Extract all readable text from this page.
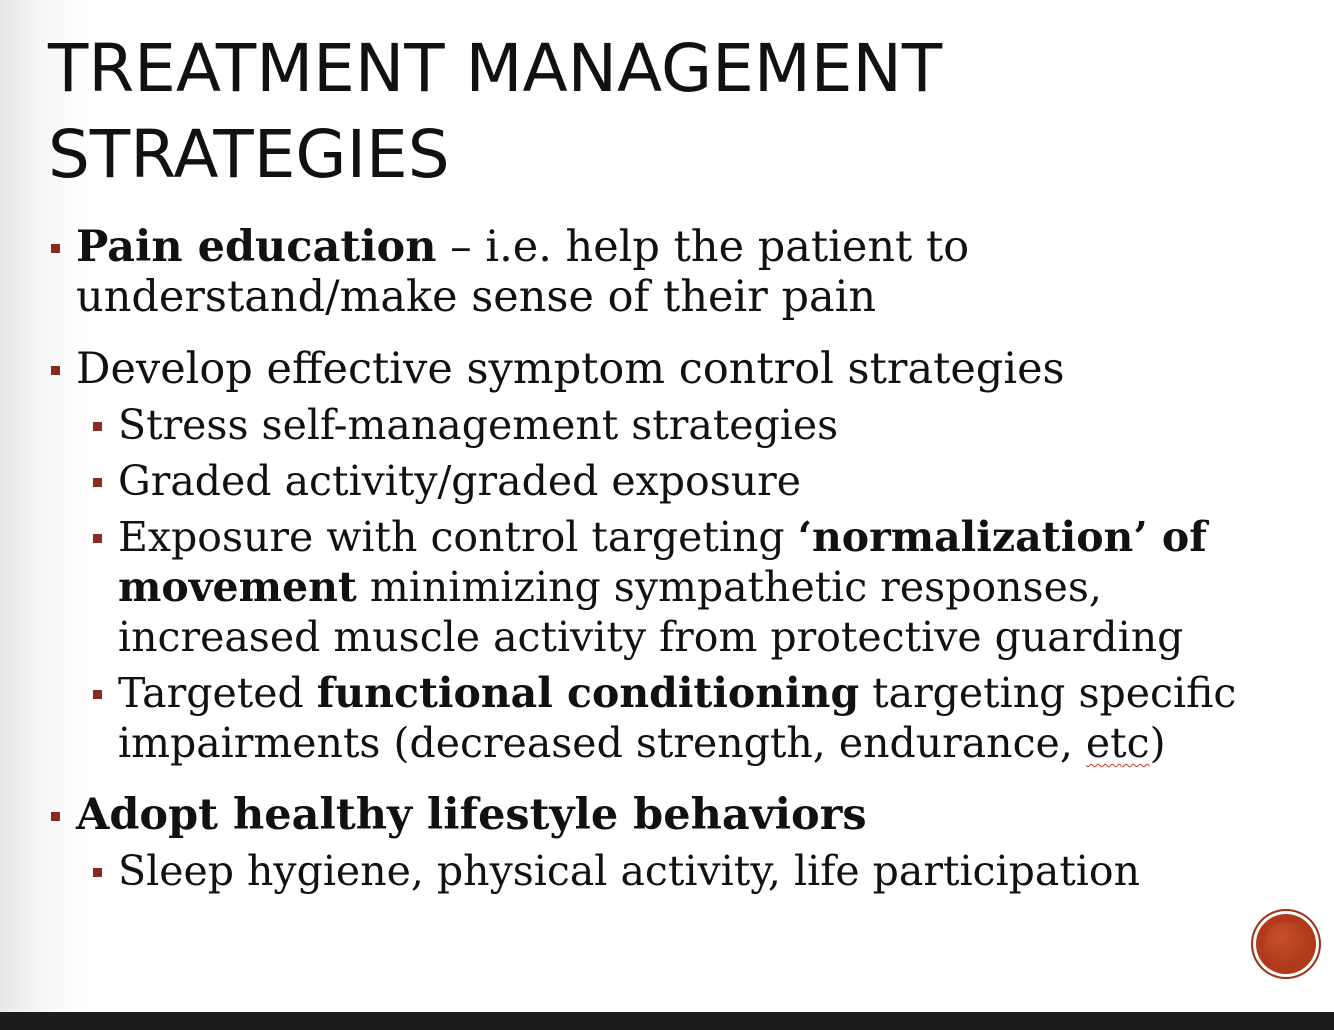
TREATMENT MANAGEMENT
STRATEGIES
Pain education – i.e. help the patient to understand/make sense of their pain
Develop effective symptom control strategies
Stress self-management strategies
Graded activity/graded exposure
Exposure with control targeting ‘normalization’ of movement minimizing sympathetic responses, increased muscle activity from protective guarding
Targeted functional conditioning targeting specific impairments (decreased strength, endurance, etc)
Adopt healthy lifestyle behaviors
Sleep hygiene, physical activity, life participation
